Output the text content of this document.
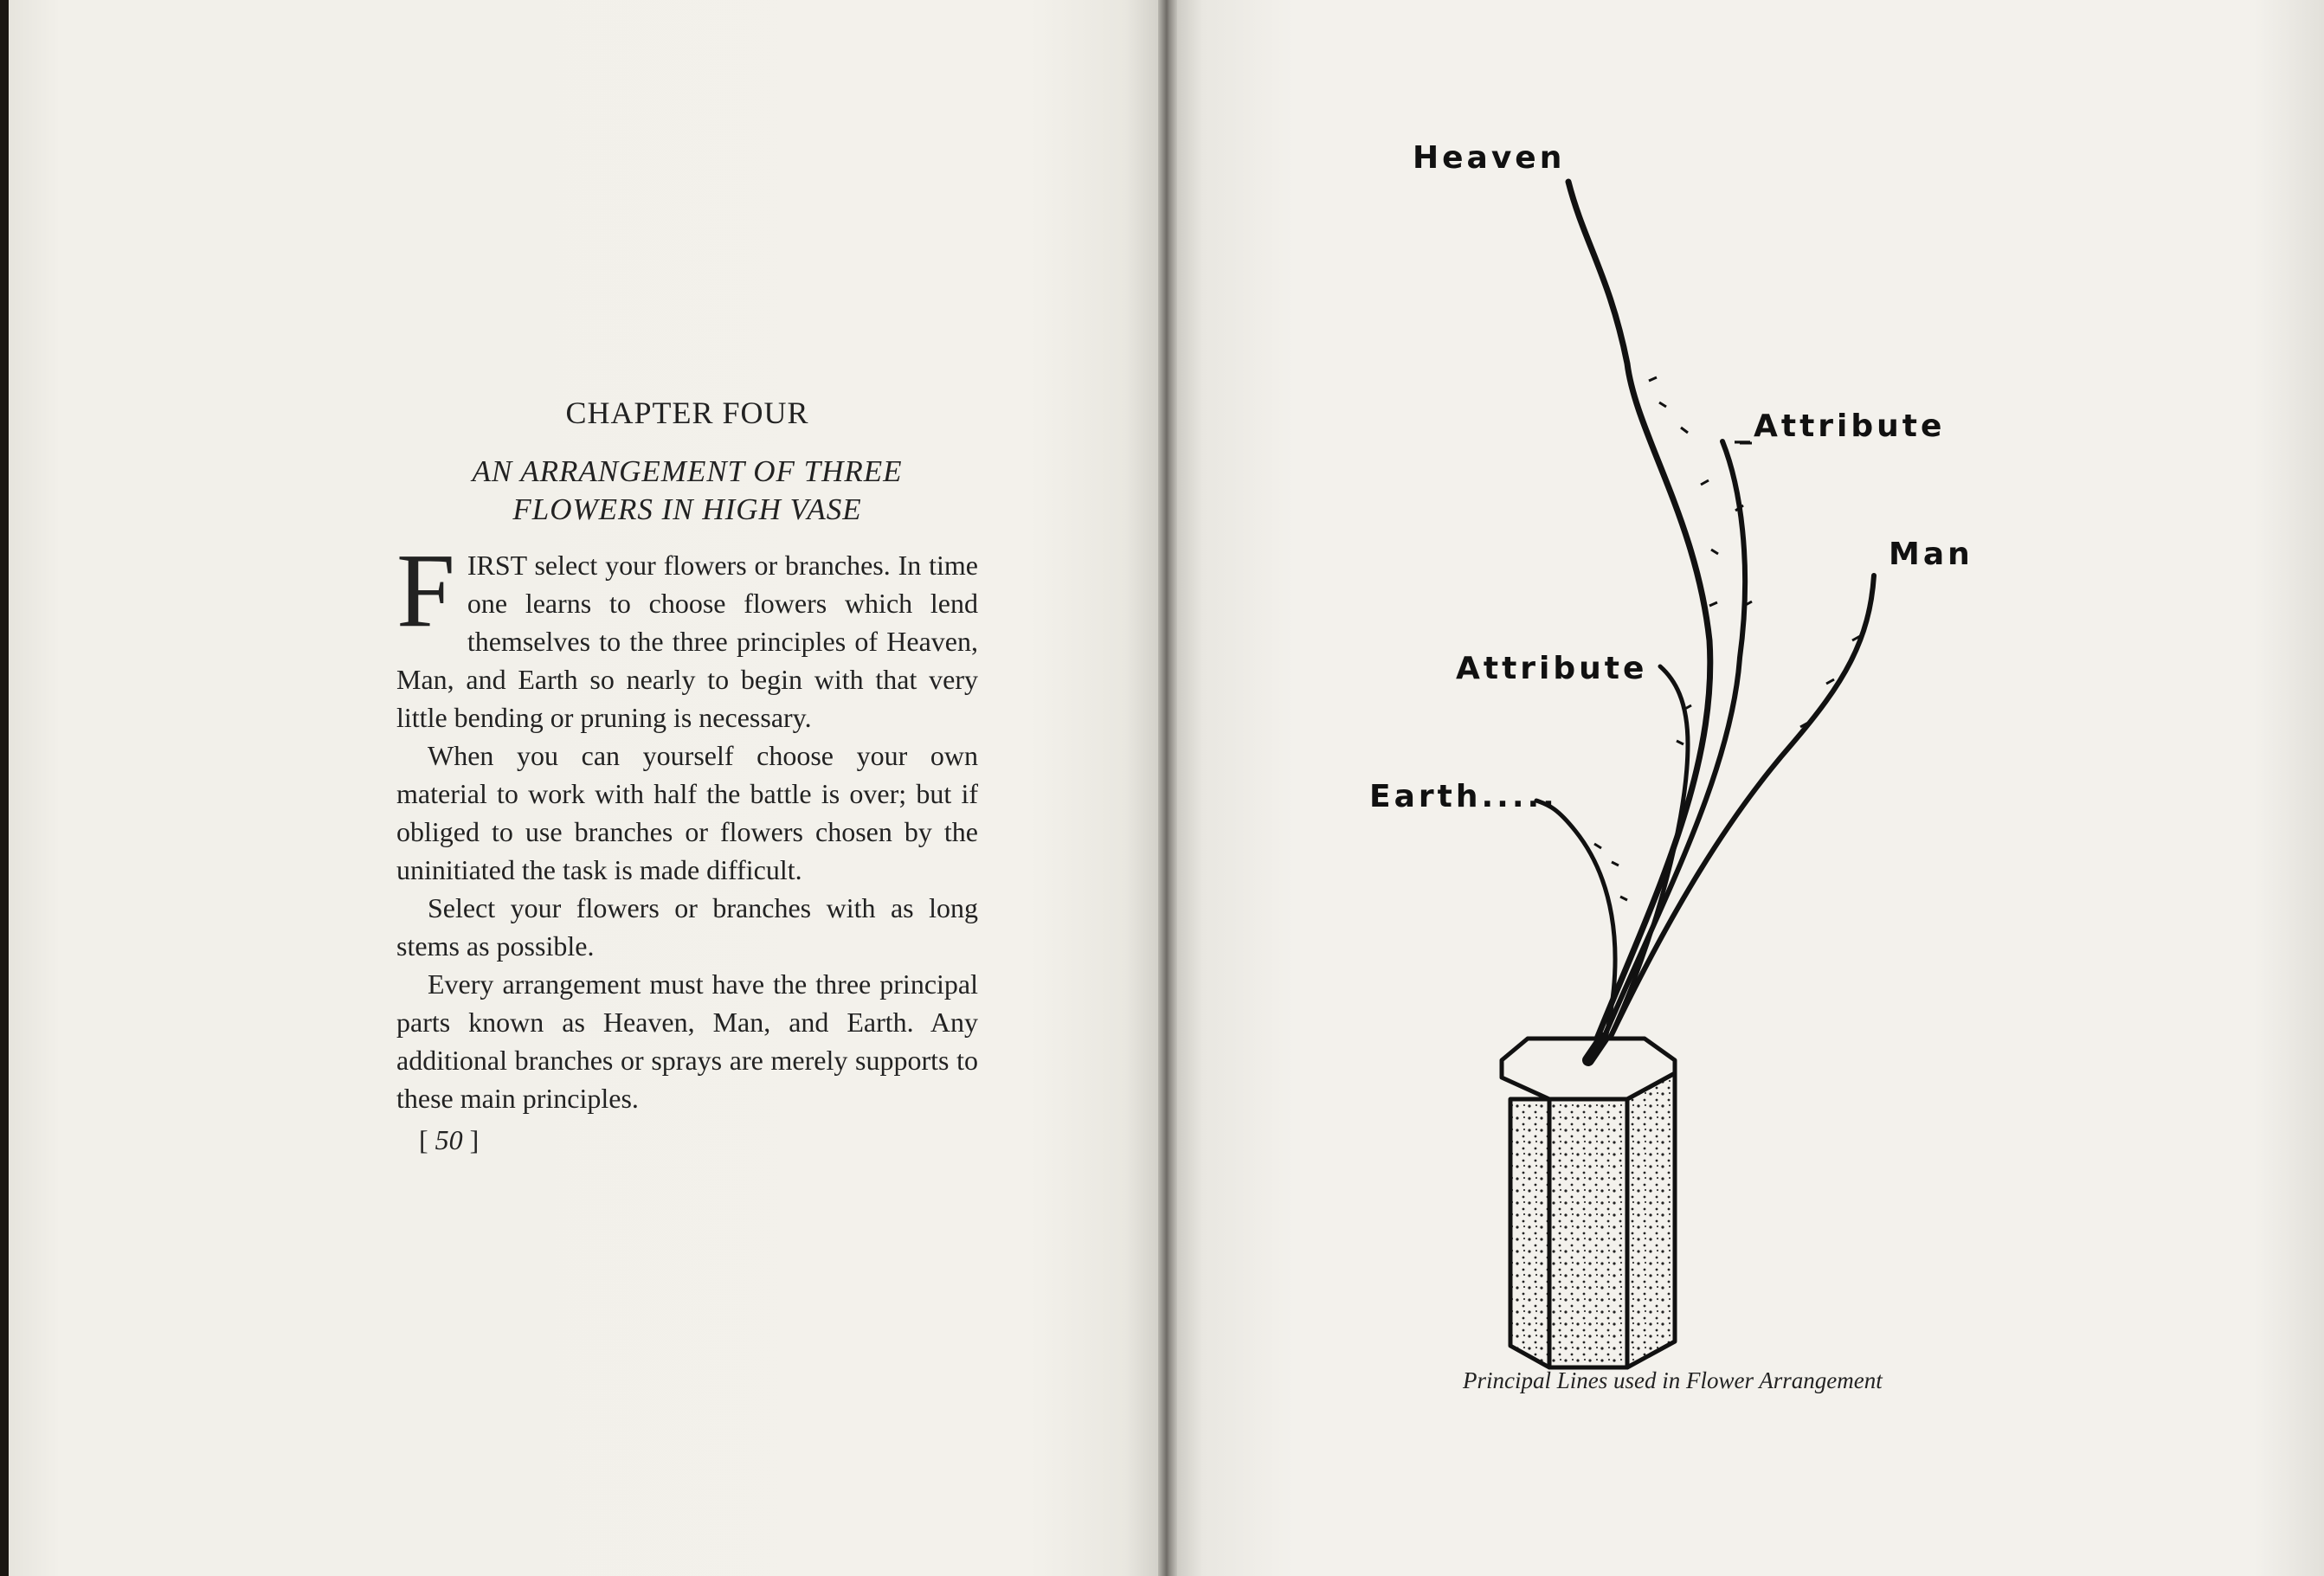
CHAPTER FOUR
AN ARRANGEMENT OF THREE
FLOWERS IN HIGH VASE

FIRST select your flowers or branches. In time one learns to choose flowers which lend themselves to the three principles of Heaven, Man, and Earth so nearly to begin with that very little bending or pruning is necessary.

When you can yourself choose your own material to work with half the battle is over; but if obliged to use branches or flowers chosen by the uninitiated the task is made difficult.

Select your flowers or branches with as long stems as possible.

Every arrangement must have the three principal parts known as Heaven, Man, and Earth. Any additional branches or sprays are merely supports to these main principles.

[ 50 ]
Heaven
_Attribute
Man
Attribute
Earth.....
Principal Lines used in Flower Arrangement
